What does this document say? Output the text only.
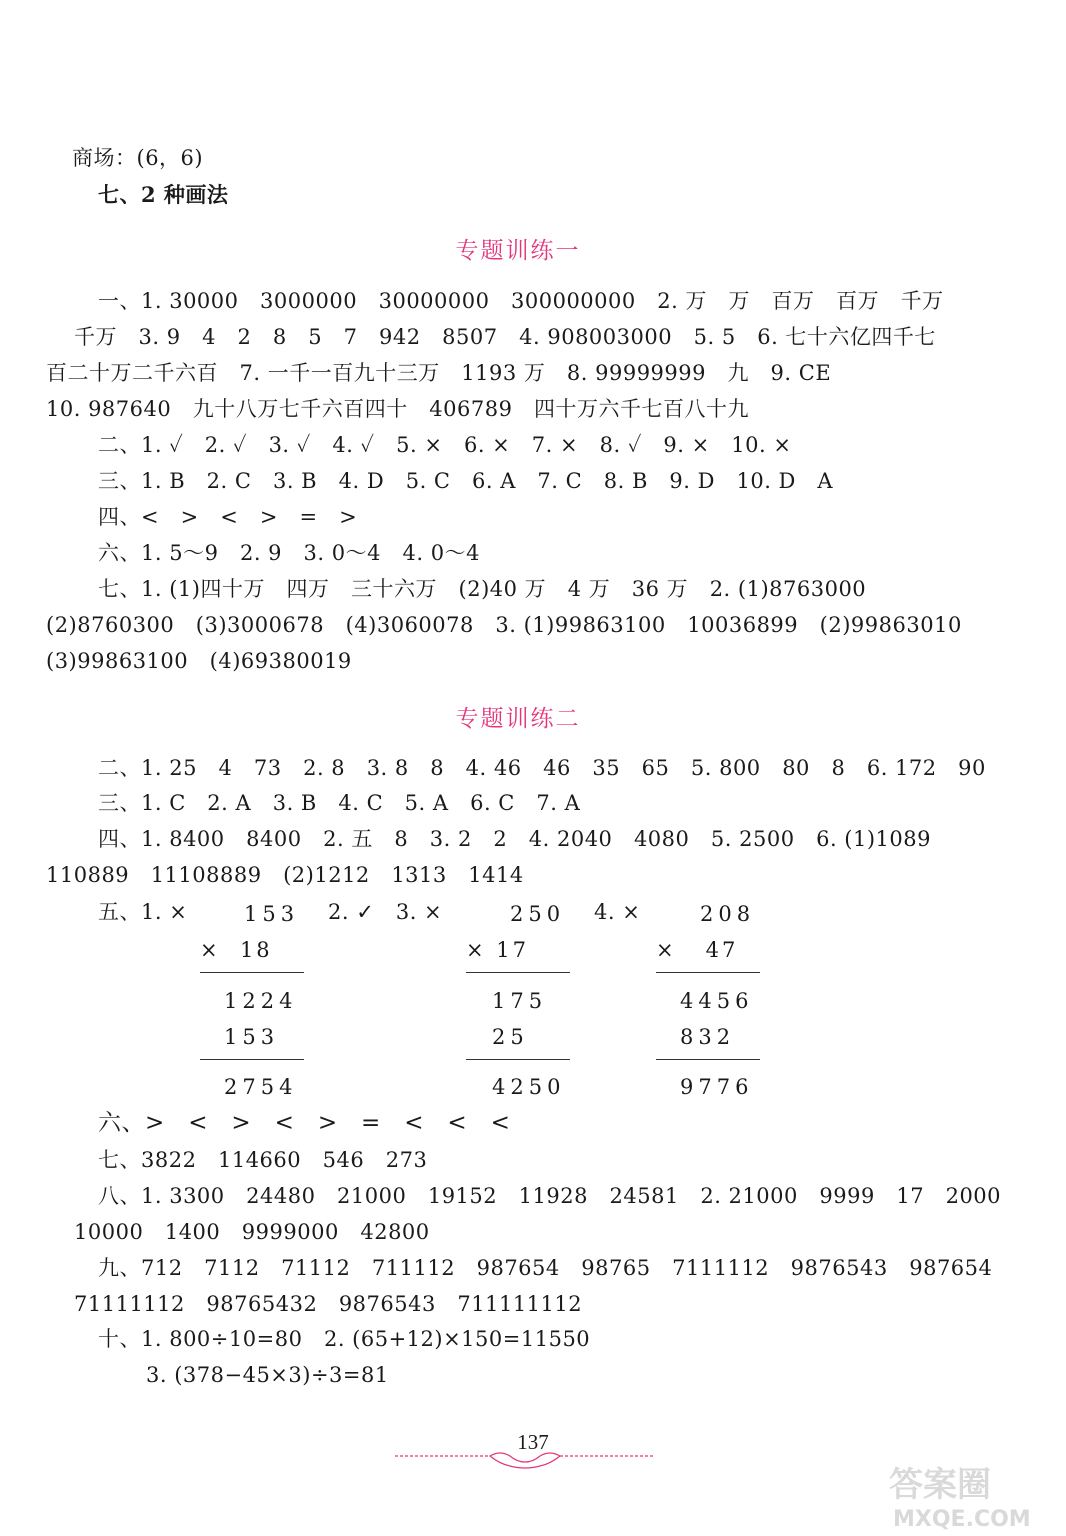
商场：(6，6)
七、2 种画法
专题训练一
一、1. 30000   3000000   30000000   300000000   2. 万   万   百万   百万   千万
千万   3. 9   4   2   8   5   7   942   8507   4. 908003000   5. 5   6. 七十六亿四千七
百二十万二千六百   7. 一千一百九十三万   1193 万   8. 99999999   九   9. CE
10. 987640   九十八万七千六百四十   406789   四十万六千七百八十九
二、1. ✓   2. ✓   3. ✓   4. ✓   5. ×   6. ×   7. ×   8. ✓   9. ×   10. ×
三、1. B   2. C   3. B   4. D   5. C   6. A   7. C   8. B   9. D   10. D   A
四、<   >   <   >   =   >
六、1. 5～9   2. 9   3. 0～4   4. 0～4
七、1. (1)四十万   四万   三十六万   (2)40 万   4 万   36 万   2. (1)8763000
(2)8760300   (3)3000678   (4)3060078   3. (1)99863100   10036899   (2)99863010
(3)99863100   (4)69380019
专题训练二
二、1. 25   4   73   2. 8   3. 8   8   4. 46   46   35   65   5. 800   80   8   6. 172   90
三、1. C   2. A   3. B   4. C   5. A   6. C   7. A
四、1. 8400   8400   2. 五   8   3. 2   2   4. 2040   4080   5. 2500   6. (1)1089
110889   11108889   (2)1212   1313   1414
五、1. ×	2. ✓   3. ×	4. ×
153
×  18
1224
153
2754
250
× 17
175
25
4250
208
×   47
4456
832
9776
六、>   <   >   <   >   =   <   <   <
七、3822   114660   546   273
八、1. 3300   24480   21000   19152   11928   24581   2. 21000   9999   17   2000
10000   1400   9999000   42800
九、712   7112   71112   711112   987654   98765   7111112   9876543   987654
71111112   98765432   9876543   711111112
十、1. 800÷10=80   2. (65+12)×150=11550
3. (378−45×3)÷3=81
137
答案圈
MXQE.COM
